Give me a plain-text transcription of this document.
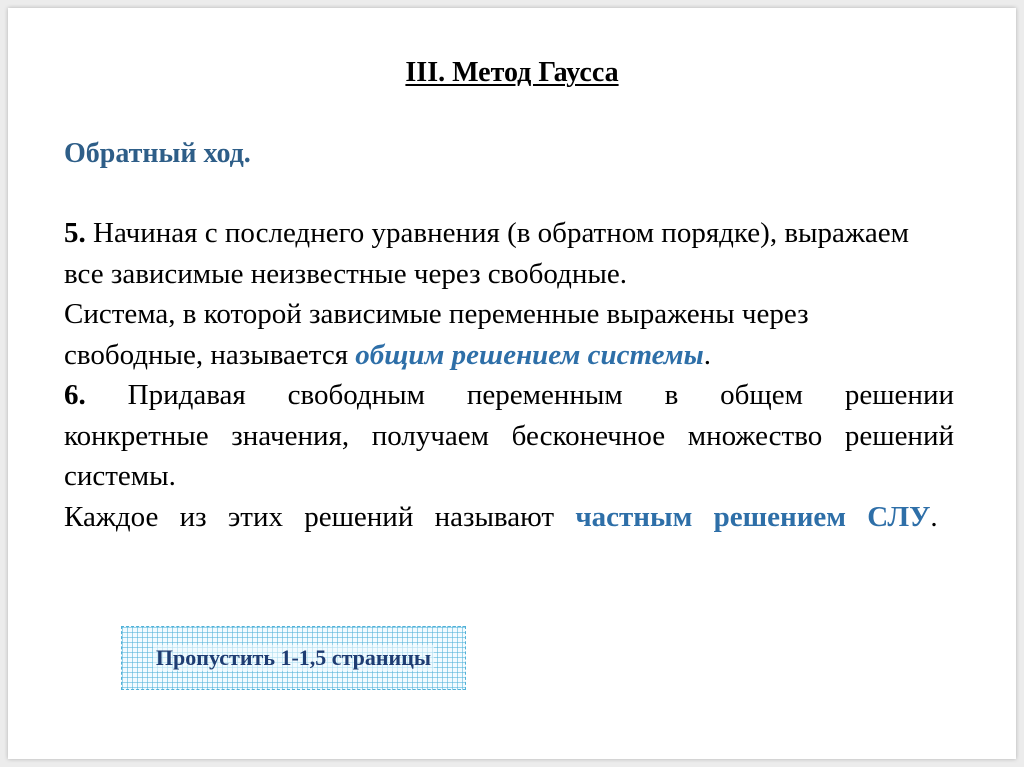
III. Метод Гаусса
Обратный ход.

5. Начиная с последнего уравнения (в обратном порядке), выражаем все зависимые неизвестные через свободные.

Система, в которой зависимые переменные выражены через свободные, называется общим решением системы.

6. Придавая свободным переменным в общем решении конкретные значения, получаем бесконечное множество решений системы.

Каждое из этих решений называют частным решением СЛУ.

Пропустить 1-1,5 страницы
